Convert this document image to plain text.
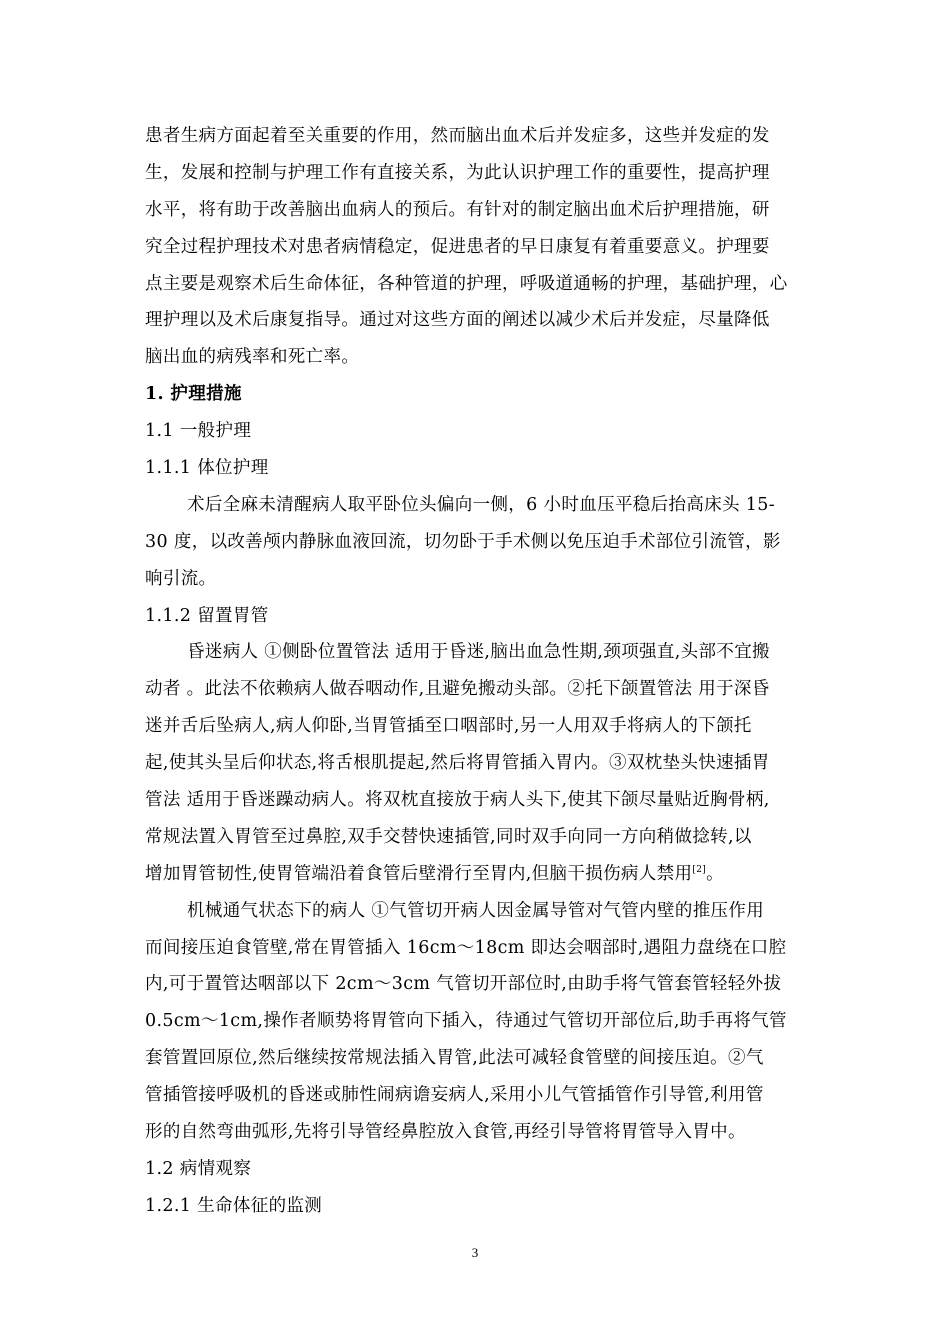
患者生病方面起着至关重要的作用，然而脑出血术后并发症多，这些并发症的发
生，发展和控制与护理工作有直接关系，为此认识护理工作的重要性，提高护理
水平，将有助于改善脑出血病人的预后。有针对的制定脑出血术后护理措施，研
究全过程护理技术对患者病情稳定，促进患者的早日康复有着重要意义。护理要
点主要是观察术后生命体征，各种管道的护理，呼吸道通畅的护理，基础护理，心
理护理以及术后康复指导。通过对这些方面的阐述以减少术后并发症，尽量降低
脑出血的病残率和死亡率。
1. 护理措施
1.1 一般护理
1.1.1 体位护理
术后全麻未清醒病人取平卧位头偏向一侧，6 小时血压平稳后抬高床头 15-
30 度，以改善颅内静脉血液回流，切勿卧于手术侧以免压迫手术部位引流管，影
响引流。
1.1.2 留置胃管
昏迷病人 ①侧卧位置管法 适用于昏迷,脑出血急性期,颈项强直,头部不宜搬
动者 。此法不依赖病人做吞咽动作,且避免搬动头部。②托下颌置管法 用于深昏
迷并舌后坠病人,病人仰卧,当胃管插至口咽部时,另一人用双手将病人的下颌托
起,使其头呈后仰状态,将舌根肌提起,然后将胃管插入胃内。③双枕垫头快速插胃
管法 适用于昏迷躁动病人。将双枕直接放于病人头下,使其下颌尽量贴近胸骨柄,
常规法置入胃管至过鼻腔,双手交替快速插管,同时双手向同一方向稍做捻转,以
增加胃管韧性,使胃管端沿着食管后壁滑行至胃内,但脑干损伤病人禁用[2]。
机械通气状态下的病人 ①气管切开病人因金属导管对气管内壁的推压作用
而间接压迫食管壁,常在胃管插入 16cm～18cm 即达会咽部时,遇阻力盘绕在口腔
内,可于置管达咽部以下 2cm～3cm 气管切开部位时,由助手将气管套管轻轻外拔
0.5cm～1cm,操作者顺势将胃管向下插入，待通过气管切开部位后,助手再将气管
套管置回原位,然后继续按常规法插入胃管,此法可减轻食管壁的间接压迫。②气
管插管接呼吸机的昏迷或肺性闹病谵妄病人,采用小儿气管插管作引导管,利用管
形的自然弯曲弧形,先将引导管经鼻腔放入食管,再经引导管将胃管导入胃中。
1.2 病情观察
1.2.1 生命体征的监测
3
